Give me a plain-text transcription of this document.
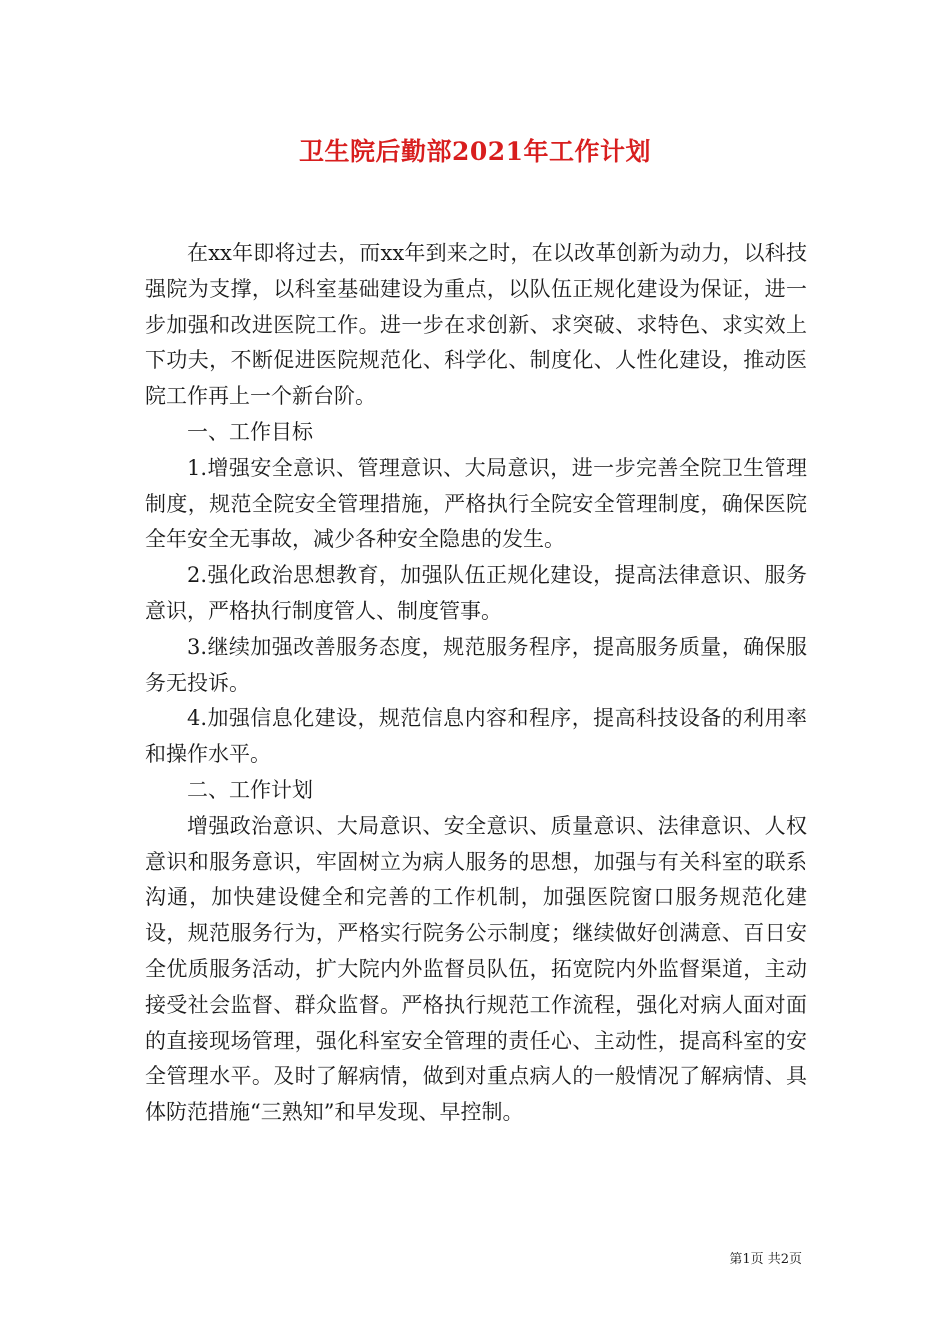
卫生院后勤部2021年工作计划

在xx年即将过去，而xx年到来之时，在以改革创新为动力，以科技强院为支撑，以科室基础建设为重点，以队伍正规化建设为保证，进一步加强和改进医院工作。进一步在求创新、求突破、求特色、求实效上下功夫，不断促进医院规范化、科学化、制度化、人性化建设，推动医院工作再上一个新台阶。

一、工作目标

1.增强安全意识、管理意识、大局意识，进一步完善全院卫生管理制度，规范全院安全管理措施，严格执行全院安全管理制度，确保医院全年安全无事故，减少各种安全隐患的发生。

2.强化政治思想教育，加强队伍正规化建设，提高法律意识、服务意识，严格执行制度管人、制度管事。

3.继续加强改善服务态度，规范服务程序，提高服务质量，确保服务无投诉。

4.加强信息化建设，规范信息内容和程序，提高科技设备的利用率和操作水平。

二、工作计划

增强政治意识、大局意识、安全意识、质量意识、法律意识、人权意识和服务意识，牢固树立为病人服务的思想，加强与有关科室的联系沟通，加快建设健全和完善的工作机制，加强医院窗口服务规范化建设，规范服务行为，严格实行院务公示制度；继续做好创满意、百日安全优质服务活动，扩大院内外监督员队伍，拓宽院内外监督渠道，主动接受社会监督、群众监督。严格执行规范工作流程，强化对病人面对面的直接现场管理，强化科室安全管理的责任心、主动性，提高科室的安全管理水平。及时了解病情，做到对重点病人的一般情况了解病情、具体防范措施“三熟知”和早发现、早控制。

第1页 共2页
